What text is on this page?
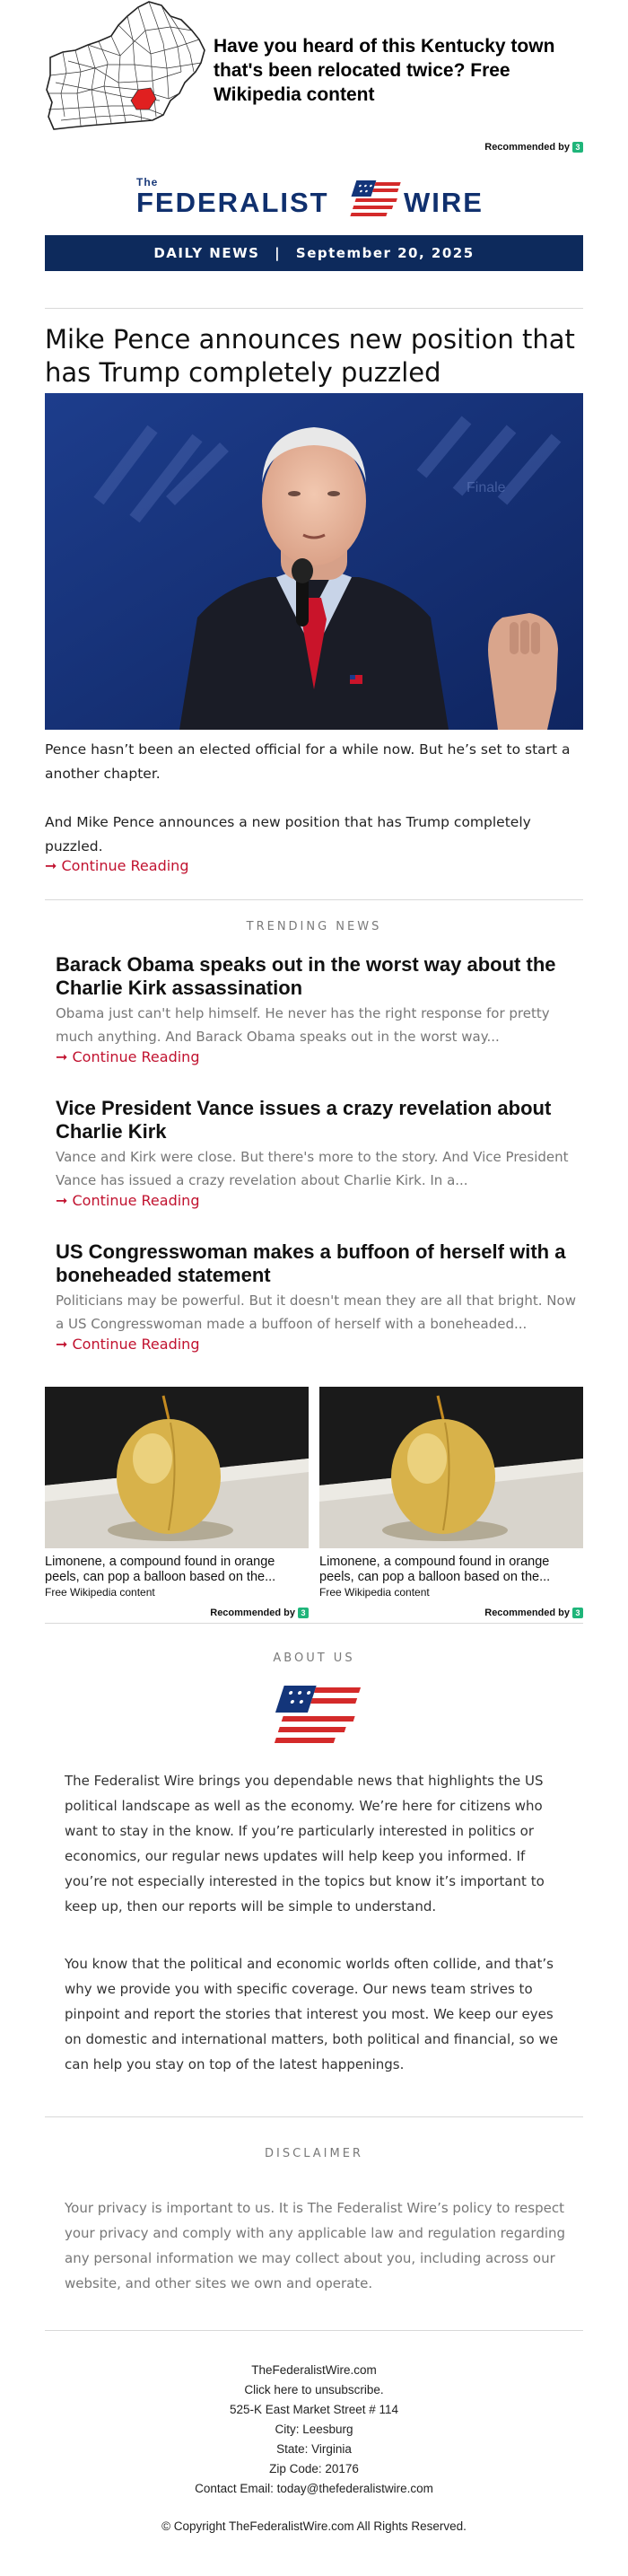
Have you heard of this Kentucky town that's been relocated twice? Free Wikipedia content
Recommended by 3
The
FEDERALIST	WIRE
DAILY NEWS | September 20, 2025
Mike Pence announces new position that has Trump completely puzzled
Finale
Pence hasn’t been an elected official for a while now. But he’s set to start a another chapter.
And Mike Pence announces a new position that has Trump completely puzzled.
➞ Continue Reading
TRENDING NEWS
Barack Obama speaks out in the worst way about the Charlie Kirk assassination
Obama just can't help himself. He never has the right response for pretty much anything. And Barack Obama speaks out in the worst way...
➞ Continue Reading
Vice President Vance issues a crazy revelation about Charlie Kirk
Vance and Kirk were close. But there's more to the story. And Vice President Vance has issued a crazy revelation about Charlie Kirk. In a...
➞ Continue Reading
US Congresswoman makes a buffoon of herself with a boneheaded statement
Politicians may be powerful. But it doesn't mean they are all that bright. Now a US Congresswoman made a buffoon of herself with a boneheaded...
➞ Continue Reading
Limonene, a compound found in orange peels, can pop a balloon based on the...
Free Wikipedia content
Recommended by 3
Limonene, a compound found in orange peels, can pop a balloon based on the...
Free Wikipedia content
Recommended by 3
ABOUT US
The Federalist Wire brings you dependable news that highlights the US political landscape as well as the economy. We’re here for citizens who want to stay in the know. If you’re particularly interested in politics or economics, our regular news updates will help keep you informed. If you’re not especially interested in the topics but know it’s important to keep up, then our reports will be simple to understand.
You know that the political and economic worlds often collide, and that’s why we provide you with specific coverage. Our news team strives to pinpoint and report the stories that interest you most. We keep our eyes on domestic and international matters, both political and financial, so we can help you stay on top of the latest happenings.
DISCLAIMER
Your privacy is important to us. It is The Federalist Wire’s policy to respect your privacy and comply with any applicable law and regulation regarding any personal information we may collect about you, including across our website, and other sites we own and operate.
TheFederalistWire.com
Click here to unsubscribe.
525-K East Market Street # 114
City: Leesburg
State: Virginia
Zip Code: 20176
Contact Email: today@thefederalistwire.com
© Copyright TheFederalistWire.com All Rights Reserved.
